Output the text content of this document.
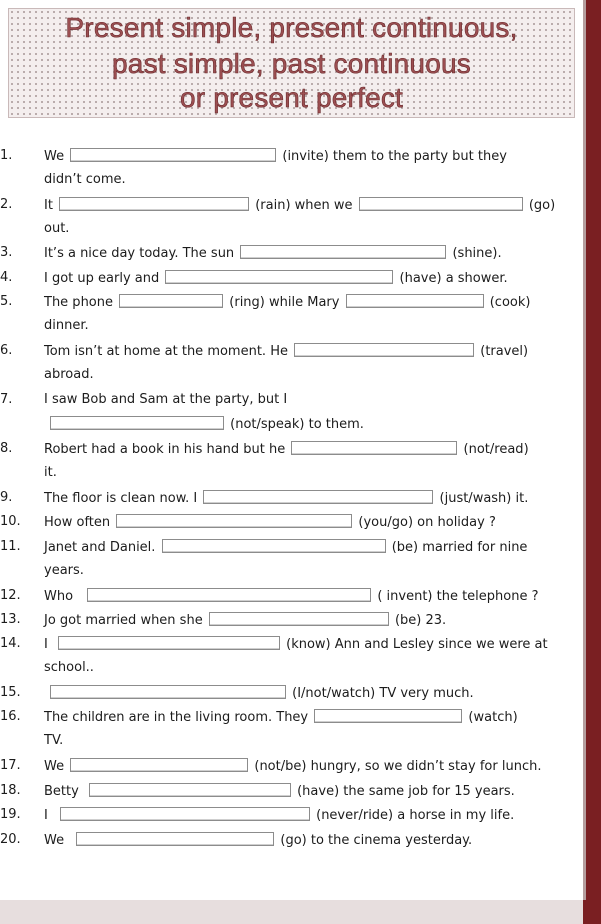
Present simple, present continuous,
past simple, past continuous
or present perfect
1. We	(invite) them to the party but they
didn’t come.
2. It	(rain) when we	(go)
out.
3. It’s a nice day today. The sun	(shine).
4. I got up early and	(have) a shower.
5. The phone	(ring) while Mary	(cook)
dinner.
6. Tom isn’t at home at the moment. He	(travel)
abroad.
7. I saw Bob and Sam at the party, but I
(not/speak) to them.
8. Robert had a book in his hand but he	(not/read)
it.
9. The floor is clean now. I	(just/wash) it.
10. How often	(you/go) on holiday ?
11. Janet and Daniel.	(be) married for nine
years.
12. Who	( invent) the telephone ?
13. Jo got married when she	(be) 23.
14. I	(know) Ann and Lesley since we were at
school..
15.	(I/not/watch) TV very much.
16. The children are in the living room. They	(watch)
TV.
17. We	(not/be) hungry, so we didn’t stay for lunch.
18. Betty	(have) the same job for 15 years.
19. I	(never/ride) a horse in my life.
20. We	(go) to the cinema yesterday.
